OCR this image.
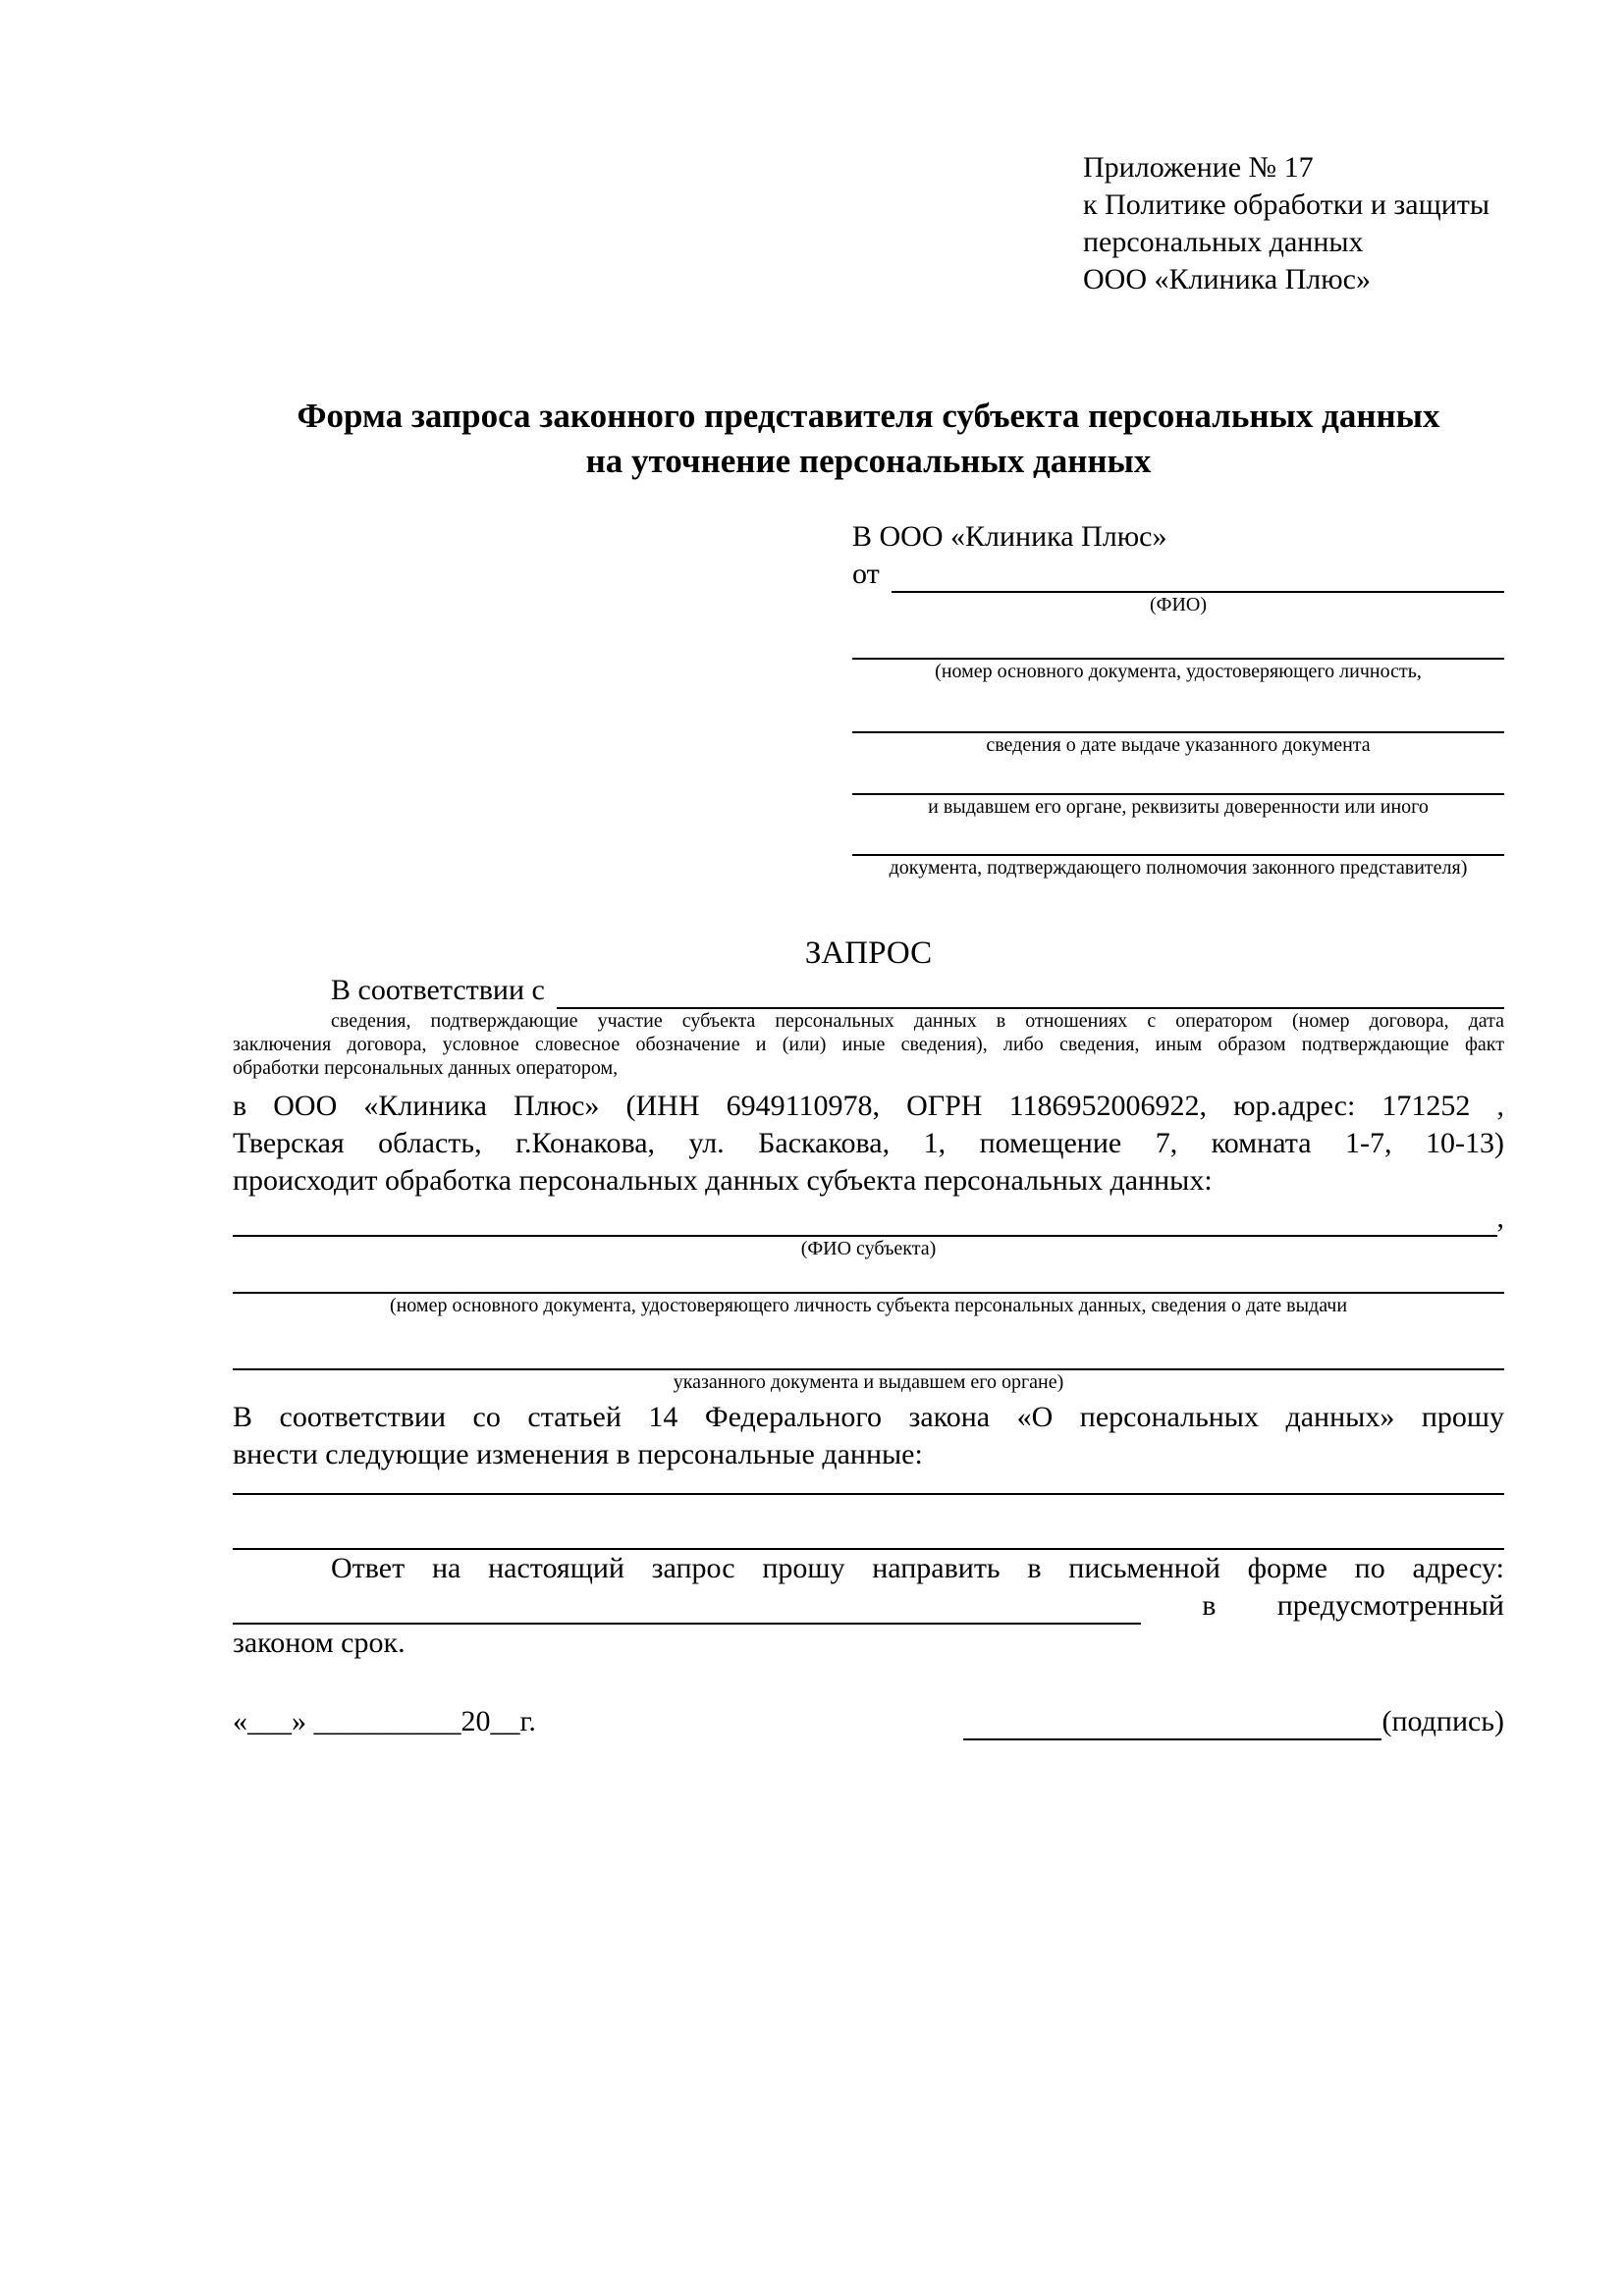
Приложение № 17
к Политике обработки и защиты
персональных данных
ООО «Клиника Плюс»
Форма запроса законного представителя субъекта персональных данных
на уточнение персональных данных
В ООО «Клиника Плюс»
от
(ФИО)
(номер основного документа, удостоверяющего личность,
сведения о дате выдаче указанного документа
и выдавшем его органе, реквизиты доверенности или иного
документа, подтверждающего полномочия законного представителя)
ЗАПРОС
В соответствии с
сведения, подтверждающие участие субъекта персональных данных в отношениях с оператором (номер договора, дата
заключения договора, условное словесное обозначение и (или) иные сведения), либо сведения, иным образом подтверждающие факт
обработки персональных данных оператором,
в ООО «Клиника Плюс» (ИНН 6949110978, ОГРН 1186952006922, юр.адрес: 171252 ,
Тверская область, г.Конакова, ул. Баскакова, 1, помещение 7, комната 1-7, 10-13)
происходит обработка персональных данных субъекта персональных данных:
,
(ФИО субъекта)
(номер основного документа, удостоверяющего личность субъекта персональных данных, сведения о дате выдачи
указанного документа и выдавшем его органе)
В соответствии со статьей 14 Федерального закона «О персональных данных» прошу
внести следующие изменения в персональные данные:
Ответ на настоящий запрос прошу направить в письменной форме по адресу:
в предусмотренный
законом срок.
«___» __________20__г.	(подпись)
